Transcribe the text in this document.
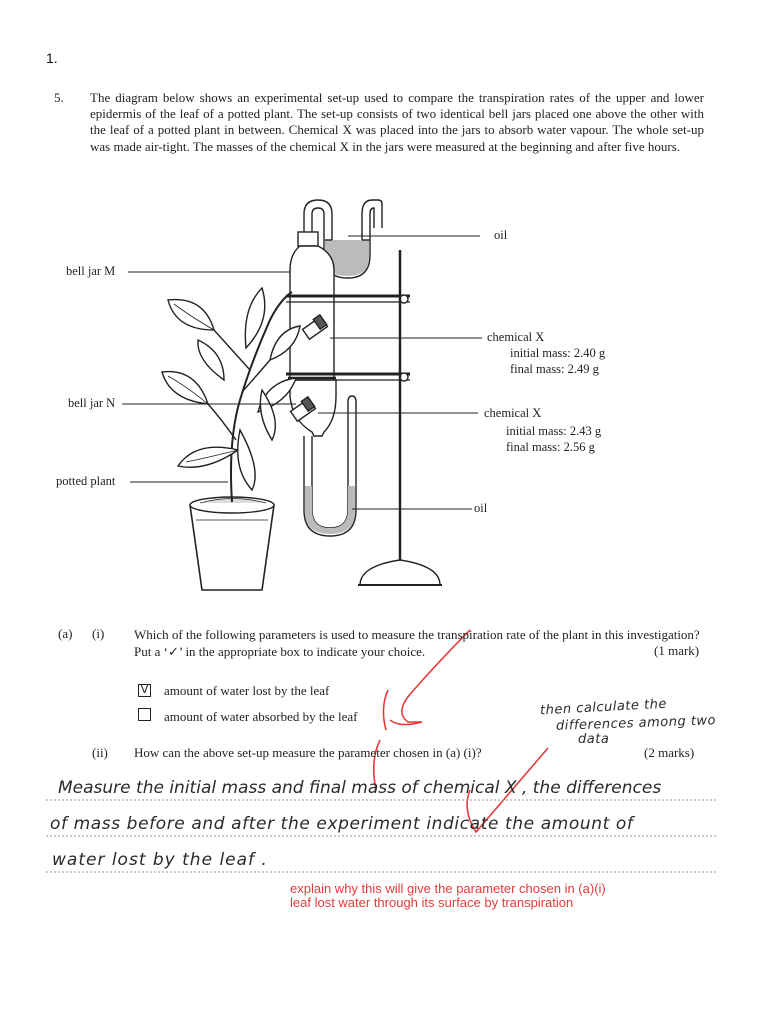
1.
5. The diagram below shows an experimental set-up used to compare the transpiration rates of the upper and lower epidermis of the leaf of a potted plant. The set-up consists of two identical bell jars placed one above the other with the leaf of a potted plant in between. Chemical X was placed into the jars to absorb water vapour. The whole set-up was made air-tight. The masses of the chemical X in the jars were measured at the beginning and after five hours.

oil
bell jar M
chemical X
initial mass: 2.40 g
final mass: 2.49 g
bell jar N
chemical X
initial mass: 2.43 g
final mass: 2.56 g
potted plant
oil
(a) (i) Which of the following parameters is used to measure the transpiration rate of the plant in this investigation? Put a ‘✓’ in the appropriate box to indicate your choice.	(1 mark)
V amount of water lost by the leaf
amount of water absorbed by the leaf
(ii) How can the above set-up measure the parameter chosen in (a) (i)?	(2 marks)
then calculate the
differences among two
data
Measure the initial mass and final mass of chemical X , the differences
of mass before and after the experiment indicate the amount of
water lost by the leaf .
explain why this will give the parameter chosen in (a)(i)
leaf lost water through its surface by transpiration
